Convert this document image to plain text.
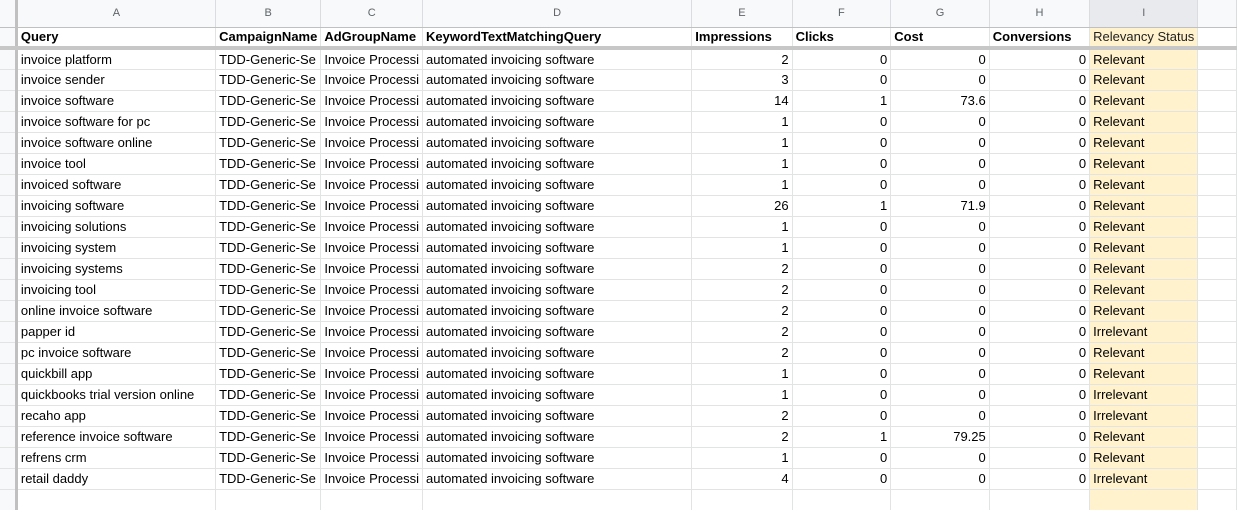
	A	B	C	D	E	F	G	H	I	
	Query	CampaignName	AdGroupName	KeywordTextMatchingQuery	Impressions	Clicks	Cost	Conversions	Relevancy Status	
	invoice platform	TDD-Generic-Se	Invoice Processi	automated invoicing software	2	0	0	0	Relevant	
	invoice sender	TDD-Generic-Se	Invoice Processi	automated invoicing software	3	0	0	0	Relevant	
	invoice software	TDD-Generic-Se	Invoice Processi	automated invoicing software	14	1	73.6	0	Relevant	
	invoice software for pc	TDD-Generic-Se	Invoice Processi	automated invoicing software	1	0	0	0	Relevant	
	invoice software online	TDD-Generic-Se	Invoice Processi	automated invoicing software	1	0	0	0	Relevant	
	invoice tool	TDD-Generic-Se	Invoice Processi	automated invoicing software	1	0	0	0	Relevant	
	invoiced software	TDD-Generic-Se	Invoice Processi	automated invoicing software	1	0	0	0	Relevant	
	invoicing software	TDD-Generic-Se	Invoice Processi	automated invoicing software	26	1	71.9	0	Relevant	
	invoicing solutions	TDD-Generic-Se	Invoice Processi	automated invoicing software	1	0	0	0	Relevant	
	invoicing system	TDD-Generic-Se	Invoice Processi	automated invoicing software	1	0	0	0	Relevant	
	invoicing systems	TDD-Generic-Se	Invoice Processi	automated invoicing software	2	0	0	0	Relevant	
	invoicing tool	TDD-Generic-Se	Invoice Processi	automated invoicing software	2	0	0	0	Relevant	
	online invoice software	TDD-Generic-Se	Invoice Processi	automated invoicing software	2	0	0	0	Relevant	
	papper id	TDD-Generic-Se	Invoice Processi	automated invoicing software	2	0	0	0	Irrelevant	
	pc invoice software	TDD-Generic-Se	Invoice Processi	automated invoicing software	2	0	0	0	Relevant	
	quickbill app	TDD-Generic-Se	Invoice Processi	automated invoicing software	1	0	0	0	Relevant	
	quickbooks trial version online	TDD-Generic-Se	Invoice Processi	automated invoicing software	1	0	0	0	Irrelevant	
	recaho app	TDD-Generic-Se	Invoice Processi	automated invoicing software	2	0	0	0	Irrelevant	
	reference invoice software	TDD-Generic-Se	Invoice Processi	automated invoicing software	2	1	79.25	0	Relevant	
	refrens crm	TDD-Generic-Se	Invoice Processi	automated invoicing software	1	0	0	0	Relevant	
	retail daddy	TDD-Generic-Se	Invoice Processi	automated invoicing software	4	0	0	0	Irrelevant	
